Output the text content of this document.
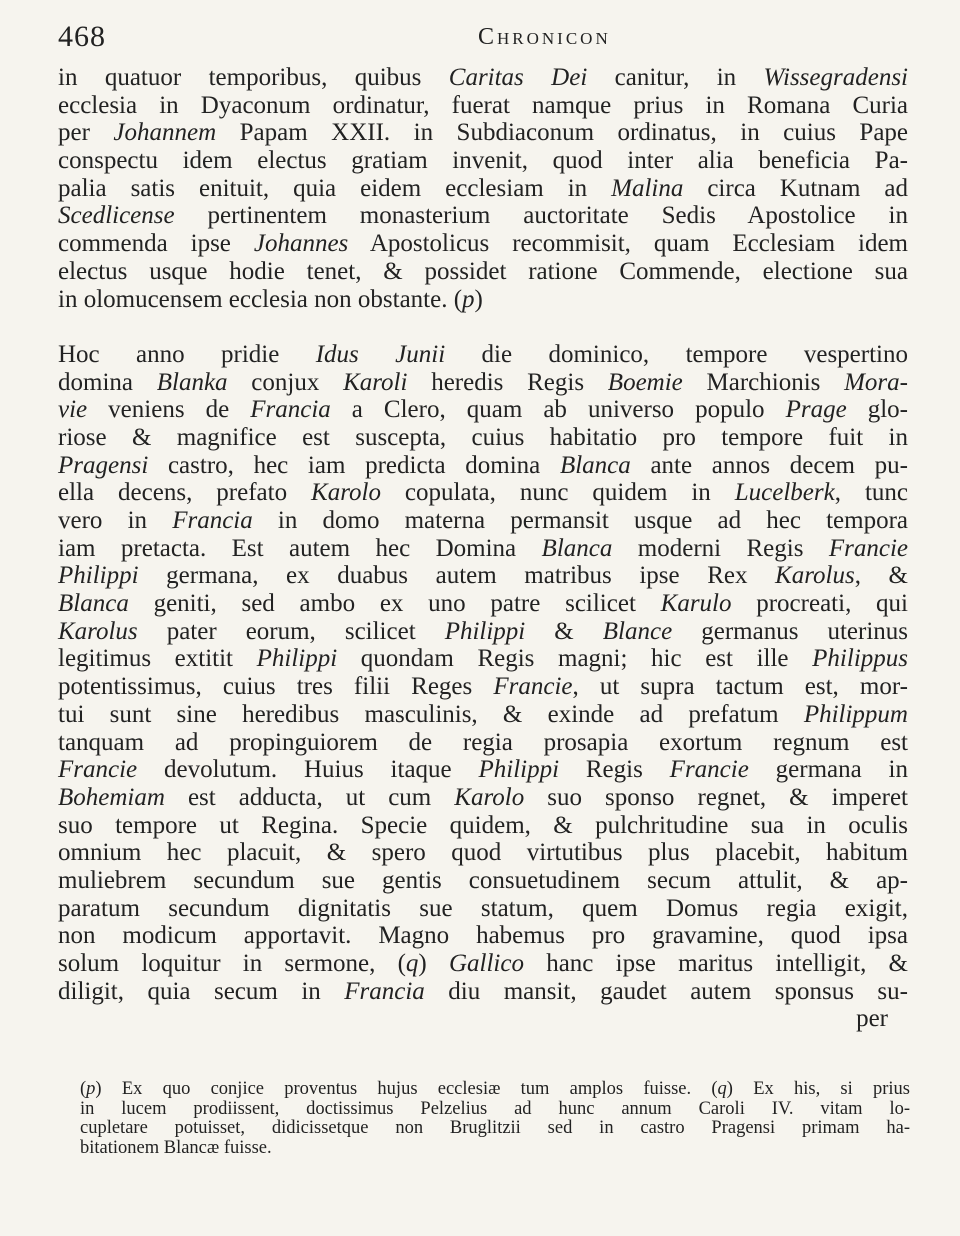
468	Chronicon
in quatuor temporibus, quibus Caritas Dei canitur, in Wissegradensi
ecclesia in Dyaconum ordinatur, fuerat namque prius in Romana Curia
per Johannem Papam XXII. in Subdiaconum ordinatus, in cuius Pape
conspectu idem electus gratiam invenit, quod inter alia beneficia Pa-
palia satis enituit, quia eidem ecclesiam in Malina circa Kutnam ad
Scedlicense pertinentem monasterium auctoritate Sedis Apostolice in
commenda ipse Johannes Apostolicus recommisit, quam Ecclesiam idem
electus usque hodie tenet, & possidet ratione Commende, electione sua
in olomucensem ecclesia non obstante. (p)
Hoc anno pridie Idus Junii die dominico, tempore vespertino
domina Blanka conjux Karoli heredis Regis Boemie Marchionis Mora-
vie veniens de Francia a Clero, quam ab universo populo Prage glo-
riose & magnifice est suscepta, cuius habitatio pro tempore fuit in
Pragensi castro, hec iam predicta domina Blanca ante annos decem pu-
ella decens, prefato Karolo copulata, nunc quidem in Lucelberk, tunc
vero in Francia in domo materna permansit usque ad hec tempora
iam pretacta. Est autem hec Domina Blanca moderni Regis Francie
Philippi germana, ex duabus autem matribus ipse Rex Karolus, &
Blanca geniti, sed ambo ex uno patre scilicet Karulo procreati, qui
Karolus pater eorum, scilicet Philippi & Blance germanus uterinus
legitimus extitit Philippi quondam Regis magni; hic est ille Philippus
potentissimus, cuius tres filii Reges Francie, ut supra tactum est, mor-
tui sunt sine heredibus masculinis, & exinde ad prefatum Philippum
tanquam ad propinguiorem de regia prosapia exortum regnum est
Francie devolutum. Huius itaque Philippi Regis Francie germana in
Bohemiam est adducta, ut cum Karolo suo sponso regnet, & imperet
suo tempore ut Regina. Specie quidem, & pulchritudine sua in oculis
omnium hec placuit, & spero quod virtutibus plus placebit, habitum
muliebrem secundum sue gentis consuetudinem secum attulit, & ap-
paratum secundum dignitatis sue statum, quem Domus regia exigit,
non modicum apportavit. Magno habemus pro gravamine, quod ipsa
solum loquitur in sermone, (q) Gallico hanc ipse maritus intelligit, &
diligit, quia secum in Francia diu mansit, gaudet autem sponsus su-
per
(p) Ex quo conjice proventus hujus ecclesiæ tum amplos fuisse. (q) Ex his, si prius
in lucem prodiissent, doctissimus Pelzelius ad hunc annum Caroli IV. vitam lo-
cupletare potuisset, didicissetque non Bruglitzii sed in castro Pragensi primam ha-
bitationem Blancæ fuisse.
